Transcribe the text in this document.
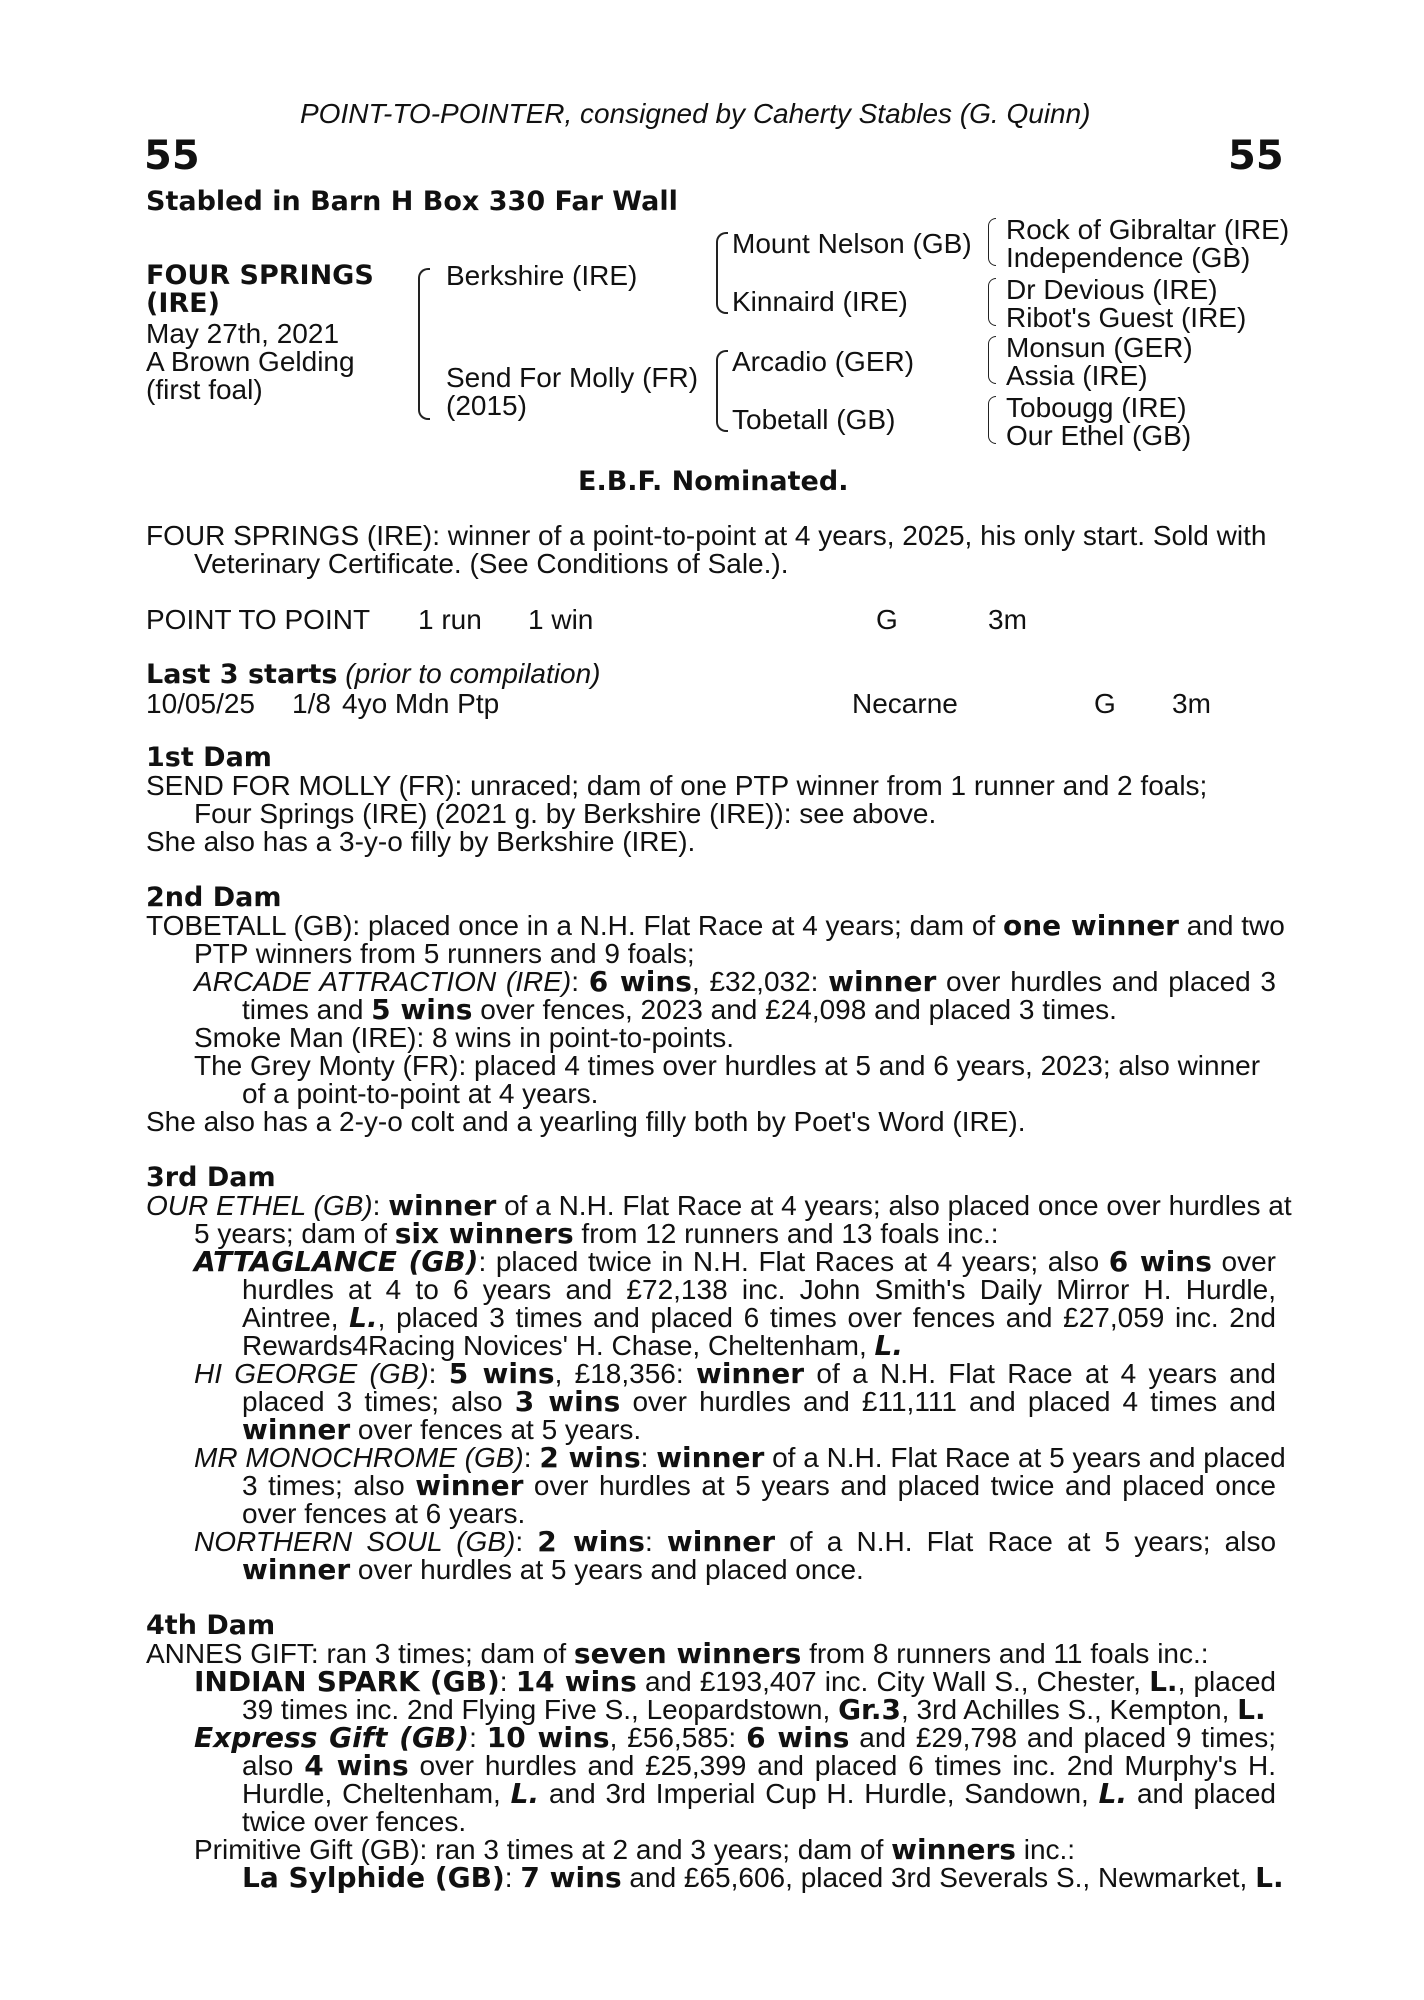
POINT-TO-POINTER, consigned by Caherty Stables (G. Quinn)
55	55
Stabled in Barn H Box 330 Far Wall
FOUR SPRINGS
(IRE)
May 27th, 2021
A Brown Gelding
(first foal)
Berkshire (IRE)
Send For Molly (FR)
(2015)
Mount Nelson (GB)
Kinnaird (IRE)
Arcadio (GER)
Tobetall (GB)
Rock of Gibraltar (IRE)
Independence (GB)
Dr Devious (IRE)
Ribot's Guest (IRE)
Monsun (GER)
Assia (IRE)
Tobougg (IRE)
Our Ethel (GB)
E.B.F. Nominated.
FOUR SPRINGS (IRE): winner of a point-to-point at 4 years, 2025, his only start. Sold with
Veterinary Certificate. (See Conditions of Sale.).
POINT TO POINT 1 run 1 win	G	3m
Last 3 starts (prior to compilation)
10/05/25 1/8 4yo Mdn Ptp	Necarne	G 3m
1st Dam
SEND FOR MOLLY (FR): unraced; dam of one PTP winner from 1 runner and 2 foals;
Four Springs (IRE) (2021 g. by Berkshire (IRE)): see above.
She also has a 3-y-o filly by Berkshire (IRE).
2nd Dam
TOBETALL (GB): placed once in a N.H. Flat Race at 4 years; dam of one winner and two
PTP winners from 5 runners and 9 foals;
ARCADE ATTRACTION (IRE): 6 wins, £32,032: winner over hurdles and placed 3
times and 5 wins over fences, 2023 and £24,098 and placed 3 times.
Smoke Man (IRE): 8 wins in point-to-points.
The Grey Monty (FR): placed 4 times over hurdles at 5 and 6 years, 2023; also winner
of a point-to-point at 4 years.
She also has a 2-y-o colt and a yearling filly both by Poet's Word (IRE).
3rd Dam
OUR ETHEL (GB): winner of a N.H. Flat Race at 4 years; also placed once over hurdles at
5 years; dam of six winners from 12 runners and 13 foals inc.:
ATTAGLANCE (GB): placed twice in N.H. Flat Races at 4 years; also 6 wins over
hurdles at 4 to 6 years and £72,138 inc. John Smith's Daily Mirror H. Hurdle,
Aintree, L., placed 3 times and placed 6 times over fences and £27,059 inc. 2nd
Rewards4Racing Novices' H. Chase, Cheltenham, L.
HI GEORGE (GB): 5 wins, £18,356: winner of a N.H. Flat Race at 4 years and
placed 3 times; also 3 wins over hurdles and £11,111 and placed 4 times and
winner over fences at 5 years.
MR MONOCHROME (GB): 2 wins: winner of a N.H. Flat Race at 5 years and placed
3 times; also winner over hurdles at 5 years and placed twice and placed once
over fences at 6 years.
NORTHERN SOUL (GB): 2 wins: winner of a N.H. Flat Race at 5 years; also
winner over hurdles at 5 years and placed once.
4th Dam
ANNES GIFT: ran 3 times; dam of seven winners from 8 runners and 11 foals inc.:
INDIAN SPARK (GB): 14 wins and £193,407 inc. City Wall S., Chester, L., placed
39 times inc. 2nd Flying Five S., Leopardstown, Gr.3, 3rd Achilles S., Kempton, L.
Express Gift (GB): 10 wins, £56,585: 6 wins and £29,798 and placed 9 times;
also 4 wins over hurdles and £25,399 and placed 6 times inc. 2nd Murphy's H.
Hurdle, Cheltenham, L. and 3rd Imperial Cup H. Hurdle, Sandown, L. and placed
twice over fences.
Primitive Gift (GB): ran 3 times at 2 and 3 years; dam of winners inc.:
La Sylphide (GB): 7 wins and £65,606, placed 3rd Severals S., Newmarket, L.
